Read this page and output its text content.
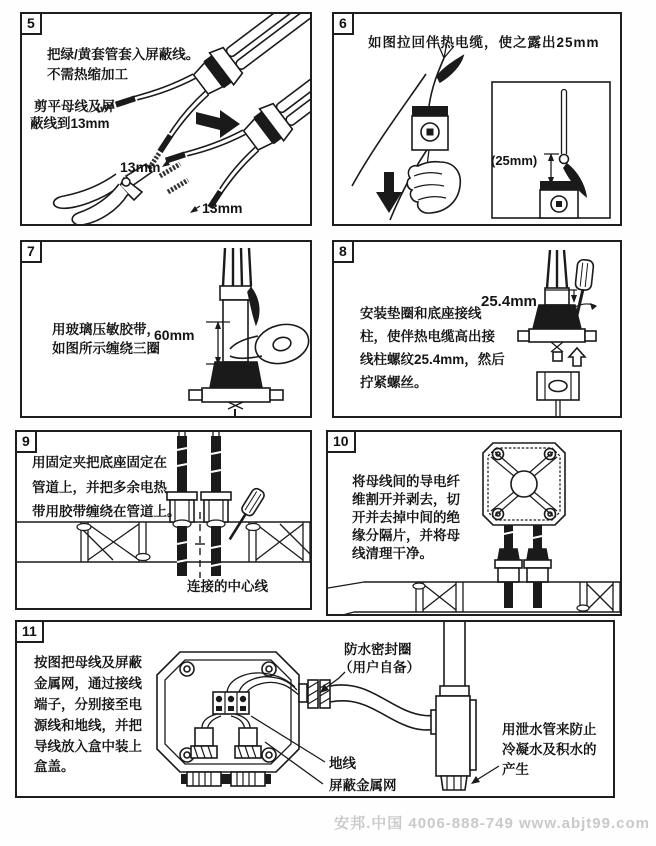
5
把绿/黄套管套入屏蔽线。
不需热缩加工
剪平母线及屏
蔽线到13mm
13mm
13mm
6
如图拉回伴热电缆，使之露出25mm
(25mm)
7
用玻璃压敏胶带，
如图所示缠绕三圈
60mm
8
安装垫圈和底座接线
柱，使伴热电缆高出接
线柱螺纹25.4mm，然后
拧紧螺丝。
25.4mm
9
用固定夹把底座固定在
管道上，并把多余电热
带用胶带缠绕在管道上。
连接的中心线
10
将母线间的导电纤
维割开并剥去，切
开并去掉中间的绝
缘分隔片，并将母
线清理干净。
11
按图把母线及屏蔽
金属网，通过接线
端子，分别接至电
源线和地线，并把
导线放入盒中装上
盒盖。
防水密封圈
（用户自备）
地线
屏蔽金属网
用泄水管来防止
冷凝水及积水的
产生
安邦.中国 4006-888-749 www.abjt99.com
